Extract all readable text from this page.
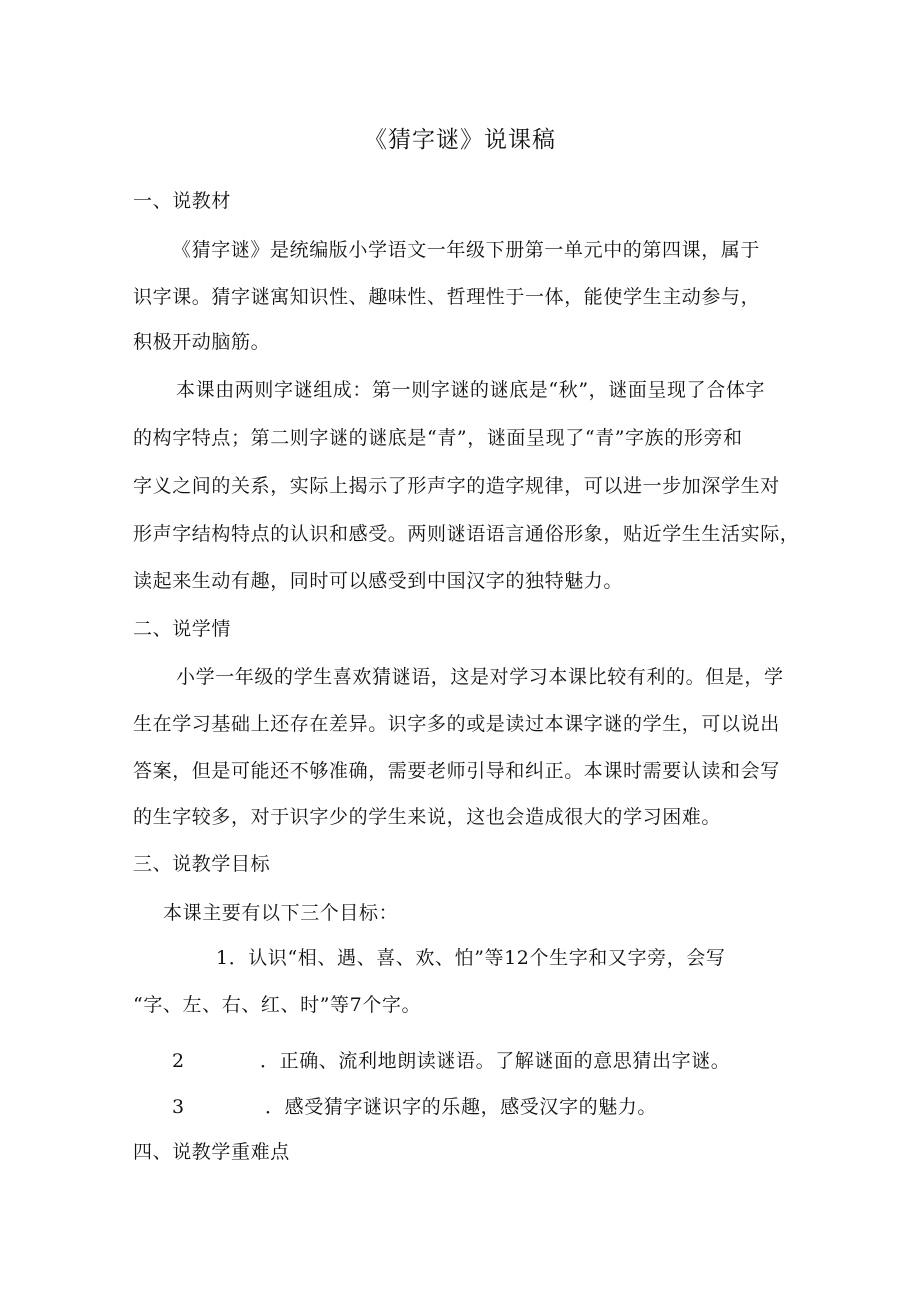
《猜字谜》说课稿
一、说教材
《猜字谜》是统编版小学语文一年级下册第一单元中的第四课，属于
识字课。猜字谜寓知识性、趣味性、哲理性于一体，能使学生主动参与，
积极开动脑筋。
本课由两则字谜组成：第一则字谜的谜底是“秋”，谜面呈现了合体字
的构字特点；第二则字谜的谜底是“青”，谜面呈现了“青”字族的形旁和
字义之间的关系，实际上揭示了形声字的造字规律，可以进一步加深学生对
形声字结构特点的认识和感受。两则谜语语言通俗形象，贴近学生生活实际，
读起来生动有趣，同时可以感受到中国汉字的独特魅力。
二、说学情
小学一年级的学生喜欢猜谜语，这是对学习本课比较有利的。但是，学
生在学习基础上还存在差异。识字多的或是读过本课字谜的学生，可以说出
答案，但是可能还不够准确，需要老师引导和纠正。本课时需要认读和会写
的生字较多，对于识字少的学生来说，这也会造成很大的学习困难。
三、说教学目标
本课主要有以下三个目标：
1．认识“相、遇、喜、欢、怕”等12个生字和又字旁，会写
“字、左、右、红、时”等7个字。
2	．正确、流利地朗读谜语。了解谜面的意思猜出字谜。
3	．感受猜字谜识字的乐趣，感受汉字的魅力。
四、说教学重难点
